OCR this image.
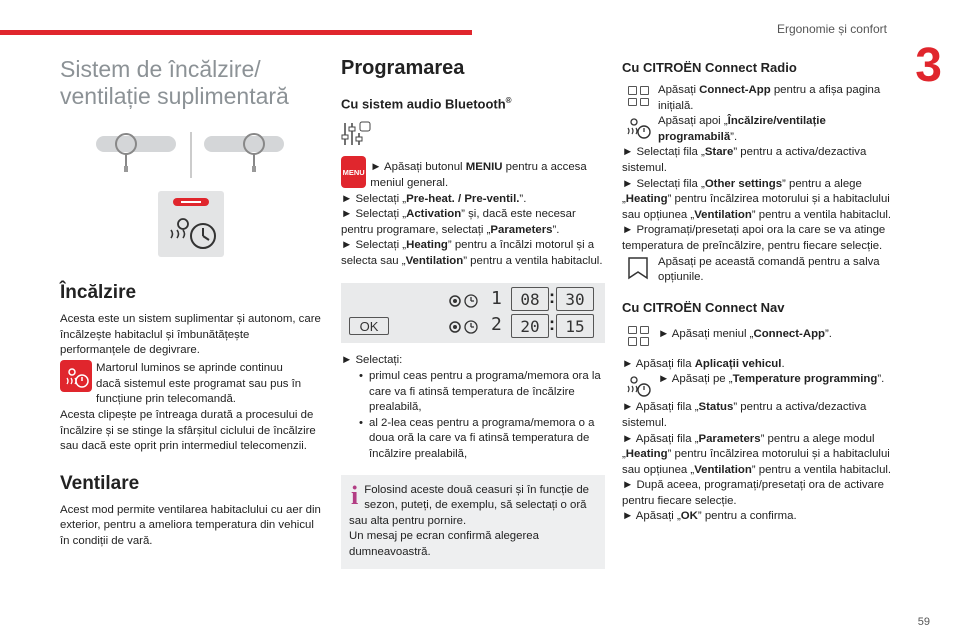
Ergonomie și confort
3
Sistem de încălzire/ ventilație suplimentară
Încălzire

Acesta este un sistem suplimentar și autonom, care încălzește habitaclul și îmbunătățește performanțele de degivrare.

Martorul luminos se aprinde continuu

dacă sistemul este programat sau pus în funcțiune prin telecomandă.

Acesta clipește pe întreaga durată a procesului de încălzire și se stinge la sfârșitul ciclului de încălzire sau dacă este oprit prin intermediul telecomenzii.

Ventilare

Acest mod permite ventilarea habitaclului cu aer din exterior, pentru a ameliora temperatura din vehicul în condiții de vară.

Programarea
Cu sistem audio Bluetooth®
MENU ► Apăsați butonul MENIU pentru a accesa meniul general.

► Selectați „Pre-heat. / Pre-ventil.”.

► Selectați „Activation” și, dacă este necesar pentru programare, selectați „Parameters”.

► Selectați „Heating” pentru a încălzi motorul și a selecta sau „Ventilation” pentru a ventila habitaclul.

OK
1	08 : 30
2	20 : 15

► Selectați:

• primul ceas pentru a programa/memora ora la care va fi atinsă temperatura de încălzire prealabilă,

• al 2-lea ceas pentru a programa/memora o a doua oră la care va fi atinsă temperatura de încălzire prealabilă,

i Folosind aceste două ceasuri și în funcție de sezon, puteți, de exemplu, să selectați o oră sau alta pentru pornire.

Un mesaj pe ecran confirmă alegerea dumneavoastră.

Cu CITROËN Connect Radio

Apăsați Connect-App pentru a afișa pagina inițială.

Apăsați apoi „Încălzire/ventilație programabilă”.

► Selectați fila „Stare” pentru a activa/dezactiva sistemul.

► Selectați fila „Other settings” pentru a alege „Heating” pentru încălzirea motorului și a habitaclului sau opțiunea „Ventilation” pentru a ventila habitaclul.

► Programați/presetați apoi ora la care se va atinge temperatura de preîncălzire, pentru fiecare selecție.

Apăsați pe această comandă pentru a salva opțiunile.

Cu CITROËN Connect Nav

► Apăsați meniul „Connect-App”.

► Apăsați fila Aplicații vehicul.

► Apăsați pe „Temperature programming”.

► Apăsați fila „Status” pentru a activa/dezactiva sistemul.

► Apăsați fila „Parameters” pentru a alege modul „Heating” pentru încălzirea motorului și a habitaclului sau opțiunea „Ventilation” pentru a ventila habitaclul.

► După aceea, programați/presetați ora de activare pentru fiecare selecție.

► Apăsați „OK” pentru a confirma.

59
